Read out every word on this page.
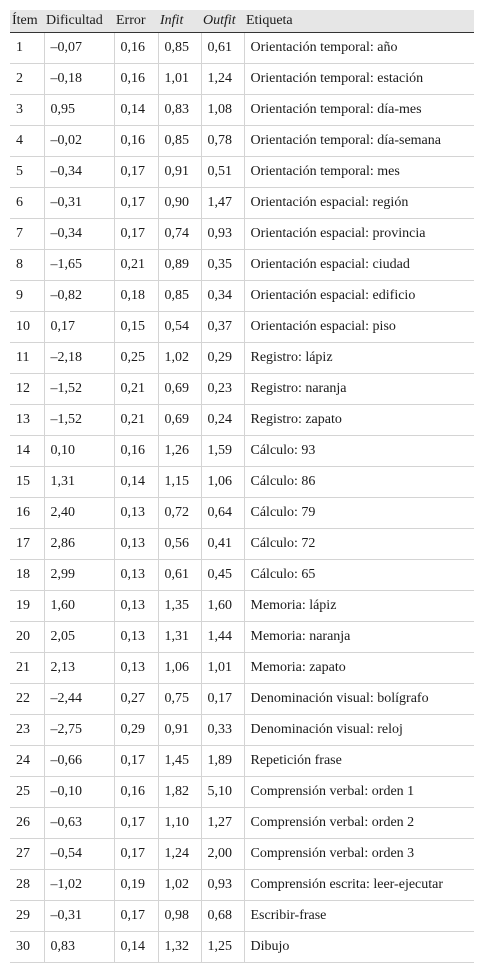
Ítem	Dificultad	Error	Infit	Outfit	Etiqueta
1	–0,07	0,16	0,85	0,61	Orientación temporal: año
2	–0,18	0,16	1,01	1,24	Orientación temporal: estación
3	0,95	0,14	0,83	1,08	Orientación temporal: día-mes
4	–0,02	0,16	0,85	0,78	Orientación temporal: día-semana
5	–0,34	0,17	0,91	0,51	Orientación temporal: mes
6	–0,31	0,17	0,90	1,47	Orientación espacial: región
7	–0,34	0,17	0,74	0,93	Orientación espacial: provincia
8	–1,65	0,21	0,89	0,35	Orientación espacial: ciudad
9	–0,82	0,18	0,85	0,34	Orientación espacial: edificio
10	0,17	0,15	0,54	0,37	Orientación espacial: piso
11	–2,18	0,25	1,02	0,29	Registro: lápiz
12	–1,52	0,21	0,69	0,23	Registro: naranja
13	–1,52	0,21	0,69	0,24	Registro: zapato
14	0,10	0,16	1,26	1,59	Cálculo: 93
15	1,31	0,14	1,15	1,06	Cálculo: 86
16	2,40	0,13	0,72	0,64	Cálculo: 79
17	2,86	0,13	0,56	0,41	Cálculo: 72
18	2,99	0,13	0,61	0,45	Cálculo: 65
19	1,60	0,13	1,35	1,60	Memoria: lápiz
20	2,05	0,13	1,31	1,44	Memoria: naranja
21	2,13	0,13	1,06	1,01	Memoria: zapato
22	–2,44	0,27	0,75	0,17	Denominación visual: bolígrafo
23	–2,75	0,29	0,91	0,33	Denominación visual: reloj
24	–0,66	0,17	1,45	1,89	Repetición frase
25	–0,10	0,16	1,82	5,10	Comprensión verbal: orden 1
26	–0,63	0,17	1,10	1,27	Comprensión verbal: orden 2
27	–0,54	0,17	1,24	2,00	Comprensión verbal: orden 3
28	–1,02	0,19	1,02	0,93	Comprensión escrita: leer-ejecutar
29	–0,31	0,17	0,98	0,68	Escribir-frase
30	0,83	0,14	1,32	1,25	Dibujo
